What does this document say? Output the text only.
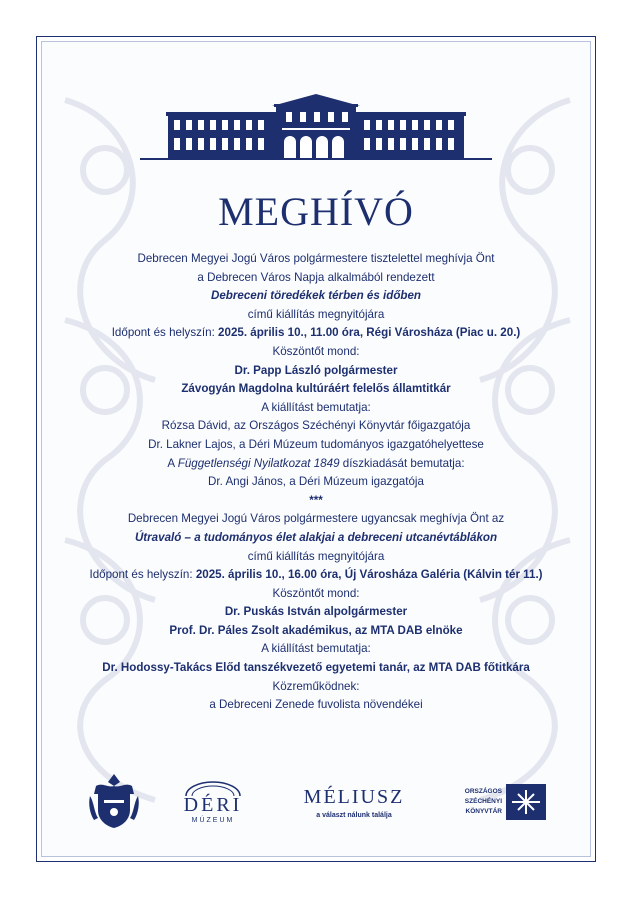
MEGHÍVÓ

Debrecen Megyei Jogú Város polgármestere tisztelettel meghívja Önt

a Debrecen Város Napja alkalmából rendezett

Debreceni töredékek térben és időben

című kiállítás megnyitójára

Időpont és helyszín: 2025. április 10., 11.00 óra, Régi Városháza (Piac u. 20.)

Köszöntőt mond:

Dr. Papp László polgármester

Závogyán Magdolna kultúráért felelős államtitkár

A kiállítást bemutatja:

Rózsa Dávid, az Országos Széchényi Könyvtár főigazgatója

Dr. Lakner Lajos, a Déri Múzeum tudományos igazgatóhelyettese

A Függetlenségi Nyilatkozat 1849 díszkiadását bemutatja:

Dr. Angi János, a Déri Múzeum igazgatója

***

Debrecen Megyei Jogú Város polgármestere ugyancsak meghívja Önt az

Útravaló – a tudományos élet alakjai a debreceni utcanévtáblákon

című kiállítás megnyitójára

Időpont és helyszín: 2025. április 10., 16.00 óra, Új Városháza Galéria (Kálvin tér 11.)

Köszöntőt mond:

Dr. Puskás István alpolgármester

Prof. Dr. Páles Zsolt akadémikus, az MTA DAB elnöke

A kiállítást bemutatja:

Dr. Hodossy-Takács Előd tanszékvezető egyetemi tanár, az MTA DAB főtitkára

Közreműködnek:

a Debreceni Zenede fuvolista növendékei

DÉRI
MÚZEUM
MÉLIUSZ
a választ nálunk találja
ORSZÁGOS
SZÉCHÉNYI
KÖNYVTÁR
